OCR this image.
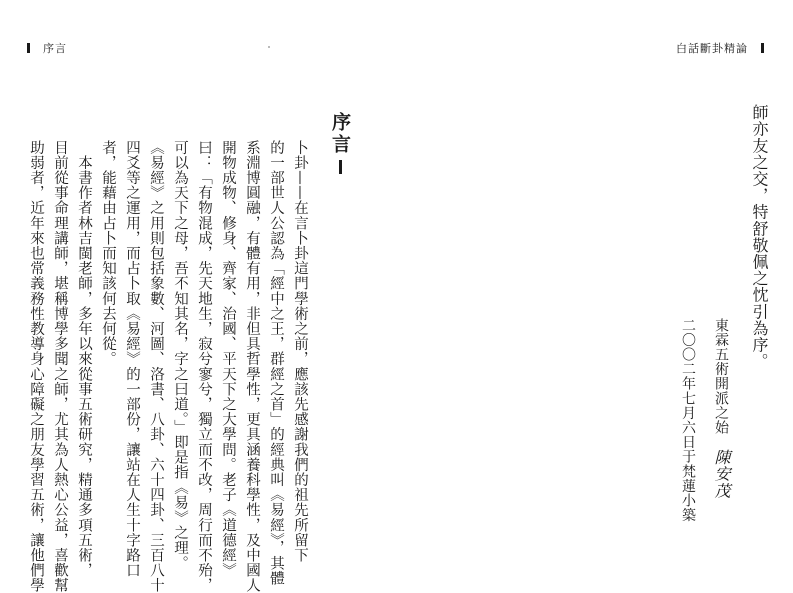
　序言	白話斷卦精論　
序言
卜卦——在言卜卦這門學術之前，應該先感謝我們的祖先所留下
的一部世人公認為「經中之王，群經之首」的經典叫《易經》，其體
系淵博圓融，有體有用，非但具哲學性，更具涵養科學性，及中國人
開物成物、修身、齊家、治國、平天下之大學問。老子《道德經》
曰：「有物混成，先天地生，寂兮寥兮，獨立而不改，周行而不殆，
可以為天下之母，吾不知其名，字之曰道。」即是指《易》之理。
《易經》之用則包括象數、河圖、洛書、八卦、六十四卦、三百八十
四爻等之運用，而占卜取《易經》的一部份，讓站在人生十字路口
者，能藉由占卜而知該何去何從。
　本書作者林吉閩老師，多年以來從事五術研究，精通多項五術，
目前從事命理講師，堪稱博學多聞之師，尤其為人熱心公益，喜歡幫
助弱者，近年來也常義務性教導身心障礙之朋友學習五術，讓他們學	師亦友之交，特舒敬佩之忱引為序。
東霖五術開派之始陳安茂
二〇〇二年七月六日于梵蓮小築
